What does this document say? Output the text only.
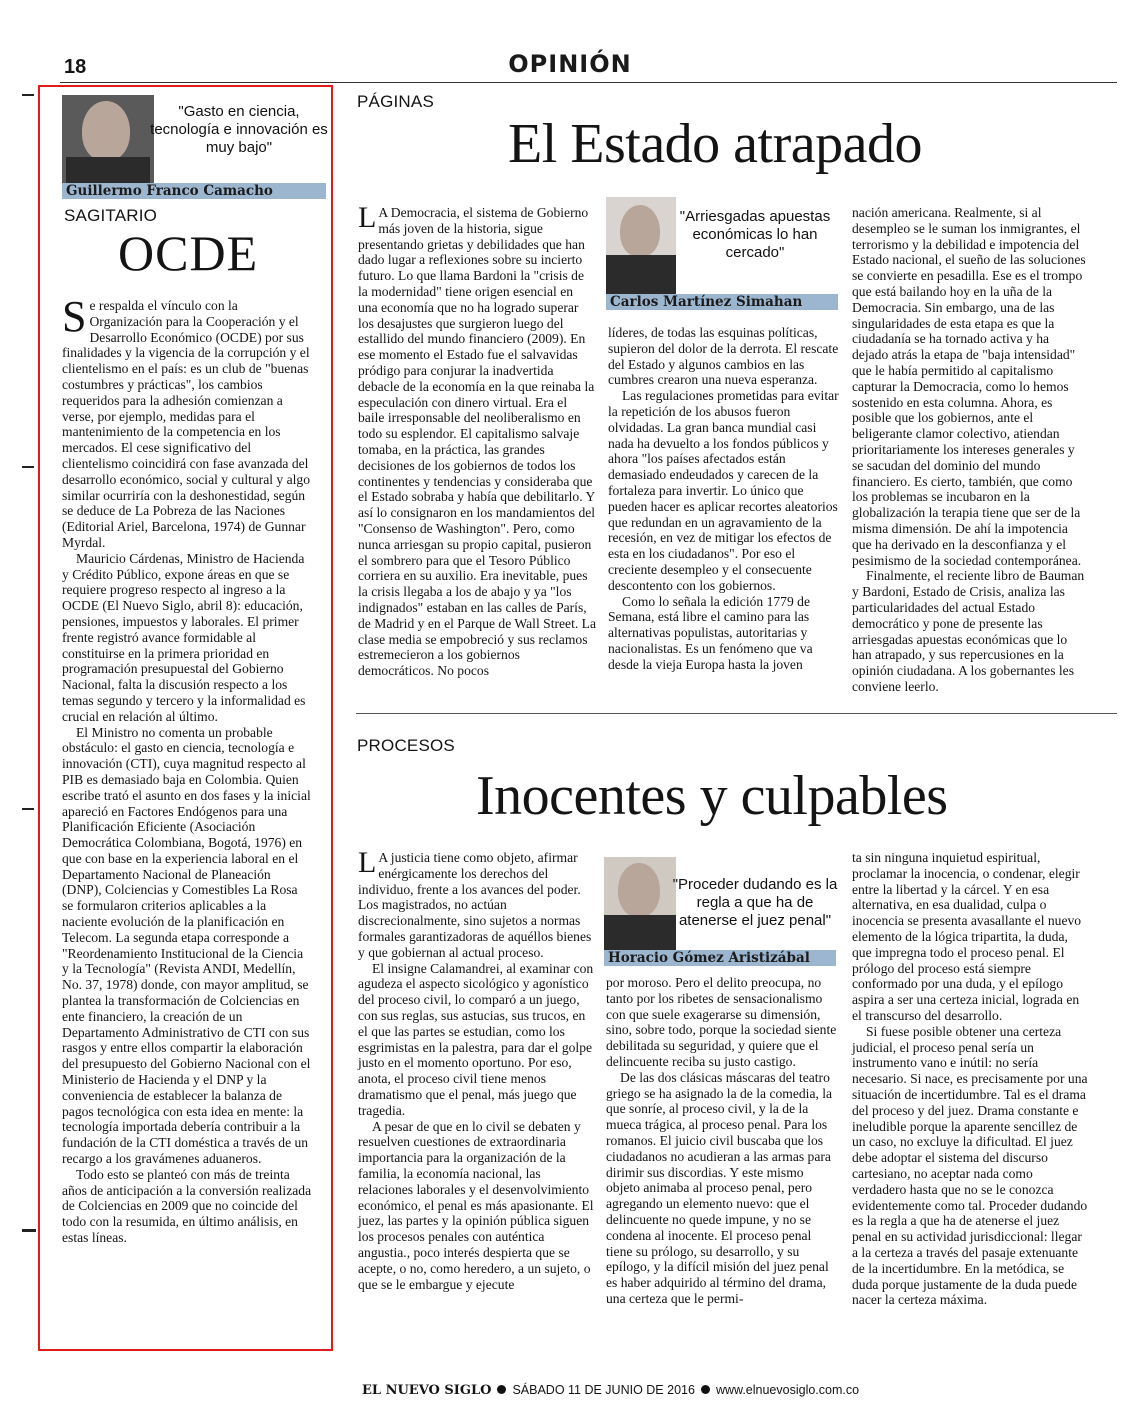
18	OPINIÓN
"Gasto en ciencia, tecnología e innovación es muy bajo"
Guillermo Franco Camacho
SAGITARIO
OCDE

Se respalda el vínculo con la Organización para la Cooperación y el Desarrollo Económico (OCDE) por sus finalidades y la vigencia de la corrupción y el clientelismo en el país: es un club de "buenas costumbres y prácticas", los cambios requeridos para la adhesión comienzan a verse, por ejemplo, medidas para el mantenimiento de la competencia en los mercados. El cese significativo del clientelismo coincidirá con fase avanzada del desarrollo económico, social y cultural y algo similar ocurriría con la deshonestidad, según se deduce de La Pobreza de las Naciones (Editorial Ariel, Barcelona, 1974) de Gunnar Myrdal.

Mauricio Cárdenas, Ministro de Hacienda y Crédito Público, expone áreas en que se requiere progreso respecto al ingreso a la OCDE (El Nuevo Siglo, abril 8): educación, pensiones, impuestos y laborales. El primer frente registró avance formidable al constituirse en la primera prioridad en programación presupuestal del Gobierno Nacional, falta la discusión respecto a los temas segundo y tercero y la informalidad es crucial en relación al último.

El Ministro no comenta un probable obstáculo: el gasto en ciencia, tecnología e innovación (CTI), cuya magnitud respecto al PIB es demasiado baja en Colombia. Quien escribe trató el asunto en dos fases y la inicial apareció en Factores Endógenos para una Planificación Eficiente (Asociación Democrática Colombiana, Bogotá, 1976) en que con base en la experiencia laboral en el Departamento Nacional de Planeación (DNP), Colciencias y Comestibles La Rosa se formularon criterios aplicables a la naciente evolución de la planificación en Telecom. La segunda etapa corresponde a "Reordenamiento Institucional de la Ciencia y la Tecnología" (Revista ANDI, Medellín, No. 37, 1978) donde, con mayor amplitud, se plantea la transformación de Colciencias en ente financiero, la creación de un Departamento Administrativo de CTI con sus rasgos y entre ellos compartir la elaboración del presupuesto del Gobierno Nacional con el Ministerio de Hacienda y el DNP y la conveniencia de establecer la balanza de pagos tecnológica con esta idea en mente: la tecnología importada debería contribuir a la fundación de la CTI doméstica a través de un recargo a los gravámenes aduaneros.

Todo esto se planteó con más de treinta años de anticipación a la conversión realizada de Colciencias en 2009 que no coincide del todo con la resumida, en último análisis, en estas líneas.

PÁGINAS
El Estado atrapado

L A Democracia, el sistema de Gobierno más joven de la historia, sigue presentando grietas y debilidades que han dado lugar a reflexiones sobre su incierto futuro. Lo que llama Bardoni la "crisis de la modernidad" tiene origen esencial en una economía que no ha logrado superar los desajustes que surgieron luego del estallido del mundo financiero (2009). En ese momento el Estado fue el salvavidas pródigo para conjurar la inadvertida debacle de la economía en la que reinaba la especulación con dinero virtual. Era el baile irresponsable del neoliberalismo en todo su esplendor. El capitalismo salvaje tomaba, en la práctica, las grandes decisiones de los gobiernos de todos los continentes y tendencias y consideraba que el Estado sobraba y había que debilitarlo. Y así lo consignaron en los mandamientos del "Consenso de Washington". Pero, como nunca arriesgan su propio capital, pusieron el sombrero para que el Tesoro Público corriera en su auxilio. Era inevitable, pues la crisis llegaba a los de abajo y ya "los indignados" estaban en las calles de París, de Madrid y en el Parque de Wall Street. La clase media se empobreció y sus reclamos estremecieron a los gobiernos democráticos. No pocos

"Arriesgadas apuestas económicas lo han cercado"
Carlos Martínez Simahan

líderes, de todas las esquinas políticas, supieron del dolor de la derrota. El rescate del Estado y algunos cambios en las cumbres crearon una nueva esperanza.

Las regulaciones prometidas para evitar la repetición de los abusos fueron olvidadas. La gran banca mundial casi nada ha devuelto a los fondos públicos y ahora "los países afectados están demasiado endeudados y carecen de la fortaleza para invertir. Lo único que pueden hacer es aplicar recortes aleatorios que redundan en un agravamiento de la recesión, en vez de mitigar los efectos de esta en los ciudadanos". Por eso el creciente desempleo y el consecuente descontento con los gobiernos.

Como lo señala la edición 1779 de Semana, está libre el camino para las alternativas populistas, autoritarias y nacionalistas. Es un fenómeno que va desde la vieja Europa hasta la joven

nación americana. Realmente, si al desempleo se le suman los inmigrantes, el terrorismo y la debilidad e impotencia del Estado nacional, el sueño de las soluciones se convierte en pesadilla. Ese es el trompo que está bailando hoy en la uña de la Democracia. Sin embargo, una de las singularidades de esta etapa es que la ciudadanía se ha tornado activa y ha dejado atrás la etapa de "baja intensidad" que le había permitido al capitalismo capturar la Democracia, como lo hemos sostenido en esta columna. Ahora, es posible que los gobiernos, ante el beligerante clamor colectivo, atiendan prioritariamente los intereses generales y se sacudan del dominio del mundo financiero. Es cierto, también, que como los problemas se incubaron en la globalización la terapia tiene que ser de la misma dimensión. De ahí la impotencia que ha derivado en la desconfianza y el pesimismo de la sociedad contemporánea.

Finalmente, el reciente libro de Bauman y Bardoni, Estado de Crisis, analiza las particularidades del actual Estado democrático y pone de presente las arriesgadas apuestas económicas que lo han atrapado, y sus repercusiones en la opinión ciudadana. A los gobernantes les conviene leerlo.

PROCESOS
Inocentes y culpables

L A justicia tiene como objeto, afirmar enérgicamente los derechos del individuo, frente a los avances del poder. Los magistrados, no actúan discrecionalmente, sino sujetos a normas formales garantizadoras de aquéllos bienes y que gobiernan al actual proceso.

El insigne Calamandrei, al examinar con agudeza el aspecto sicológico y agonístico del proceso civil, lo comparó a un juego, con sus reglas, sus astucias, sus trucos, en el que las partes se estudian, como los esgrimistas en la palestra, para dar el golpe justo en el momento oportuno. Por eso, anota, el proceso civil tiene menos dramatismo que el penal, más juego que tragedia.

A pesar de que en lo civil se debaten y resuelven cuestiones de extraordinaria importancia para la organización de la familia, la economía nacional, las relaciones laborales y el desenvolvimiento económico, el penal es más apasionante. El juez, las partes y la opinión pública siguen los procesos penales con auténtica angustia., poco interés despierta que se acepte, o no, como heredero, a un sujeto, o que se le embargue y ejecute

"Proceder dudando es la regla a que ha de atenerse el juez penal"
Horacio Gómez Aristizábal

por moroso. Pero el delito preocupa, no tanto por los ribetes de sensacionalismo con que suele exagerarse su dimensión, sino, sobre todo, porque la sociedad siente debilitada su seguridad, y quiere que el delincuente reciba su justo castigo.

De las dos clásicas máscaras del teatro griego se ha asignado la de la comedia, la que sonríe, al proceso civil, y la de la mueca trágica, al proceso penal. Para los romanos. El juicio civil buscaba que los ciudadanos no acudieran a las armas para dirimir sus discordias. Y este mismo objeto animaba al proceso penal, pero agregando un elemento nuevo: que el delincuente no quede impune, y no se condena al inocente. El proceso penal tiene su prólogo, su desarrollo, y su epílogo, y la difícil misión del juez penal es haber adquirido al término del drama, una certeza que le permi-

ta sin ninguna inquietud espiritual, proclamar la inocencia, o condenar, elegir entre la libertad y la cárcel. Y en esa alternativa, en esa dualidad, culpa o inocencia se presenta avasallante el nuevo elemento de la lógica tripartita, la duda, que impregna todo el proceso penal. El prólogo del proceso está siempre conformado por una duda, y el epílogo aspira a ser una certeza inicial, lograda en el transcurso del desarrollo.

Si fuese posible obtener una certeza judicial, el proceso penal sería un instrumento vano e inútil: no sería necesario. Si nace, es precisamente por una situación de incertidumbre. Tal es el drama del proceso y del juez. Drama constante e ineludible porque la aparente sencillez de un caso, no excluye la dificultad. El juez debe adoptar el sistema del discurso cartesiano, no aceptar nada como verdadero hasta que no se le conozca evidentemente como tal. Proceder dudando es la regla a que ha de atenerse el juez penal en su actividad jurisdiccional: llegar a la certeza a través del pasaje extenuante de la incertidumbre. En la metódica, se duda porque justamente de la duda puede nacer la certeza máxima.

EL NUEVO SIGLO SÁBADO 11 DE JUNIO DE 2016 www.elnuevosiglo.com.co
